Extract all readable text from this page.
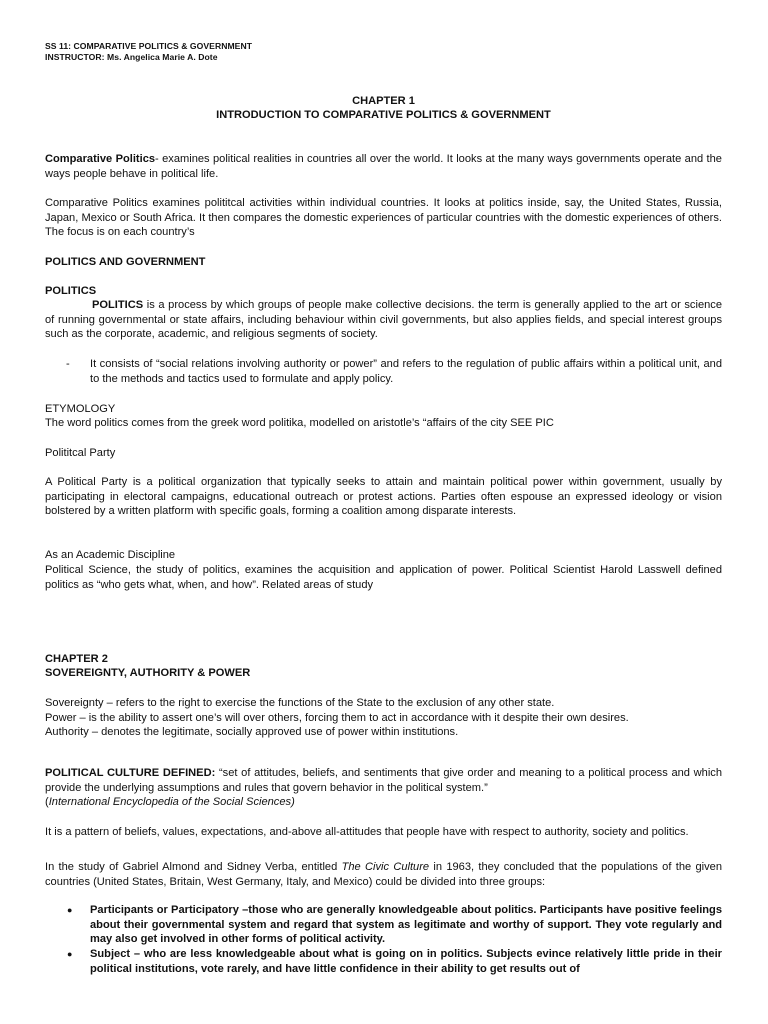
SS 11: COMPARATIVE POLITICS & GOVERNMENT
INSTRUCTOR: Ms. Angelica Marie A. Dote
CHAPTER 1
INTRODUCTION TO COMPARATIVE POLITICS & GOVERNMENT

Comparative Politics- examines political realities in countries all over the world. It looks at the many ways governments operate and the ways people behave in political life.

Comparative Politics examines polititcal activities within individual countries. It looks at politics inside, say, the United States, Russia, Japan, Mexico or South Africa. It then compares the domestic experiences of particular countries with the domestic experiences of others. The focus is on each country’s

POLITICS AND GOVERNMENT
POLITICS

POLITICS is a process by which groups of people make collective decisions. the term is generally applied to the art or science of running governmental or state affairs, including behaviour within civil governments, but also applies fields, and special interest groups such as the corporate, academic, and religious segments of society.

- It consists of “social relations involving authority or power” and refers to the regulation of public affairs within a political unit, and to the methods and tactics used to formulate and apply policy.
ETYMOLOGY
The word politics comes from the greek word politika, modelled on aristotle’s “affairs of the city SEE PIC
Polititcal Party

A Political Party is a political organization that typically seeks to attain and maintain political power within government, usually by participating in electoral campaigns, educational outreach or protest actions. Parties often espouse an expressed ideology or vision bolstered by a written platform with specific goals, forming a coalition among disparate interests.

As an Academic Discipline

Political Science, the study of politics, examines the acquisition and application of power. Political Scientist Harold Lasswell defined politics as “who gets what, when, and how”. Related areas of study

CHAPTER 2
SOVEREIGNTY, AUTHORITY & POWER
Sovereignty – refers to the right to exercise the functions of the State to the exclusion of any other state.
Power – is the ability to assert one’s will over others, forcing them to act in accordance with it despite their own desires.
Authority – denotes the legitimate, socially approved use of power within institutions.

POLITICAL CULTURE DEFINED: “set of attitudes, beliefs, and sentiments that give order and meaning to a political process and which provide the underlying assumptions and rules that govern behavior in the political system.”
(International Encyclopedia of the Social Sciences)

It is a pattern of beliefs, values, expectations, and-above all-attitudes that people have with respect to authority, society and politics.

In the study of Gabriel Almond and Sidney Verba, entitled The Civic Culture in 1963, they concluded that the populations of the given countries (United States, Britain, West Germany, Italy, and Mexico) could be divided into three groups:

● Participants or Participatory –those who are generally knowledgeable about politics. Participants have positive feelings about their governmental system and regard that system as legitimate and worthy of support. They vote regularly and may also get involved in other forms of political activity.
● Subject – who are less knowledgeable about what is going on in politics. Subjects evince relatively little pride in their political institutions, vote rarely, and have little confidence in their ability to get results out of
